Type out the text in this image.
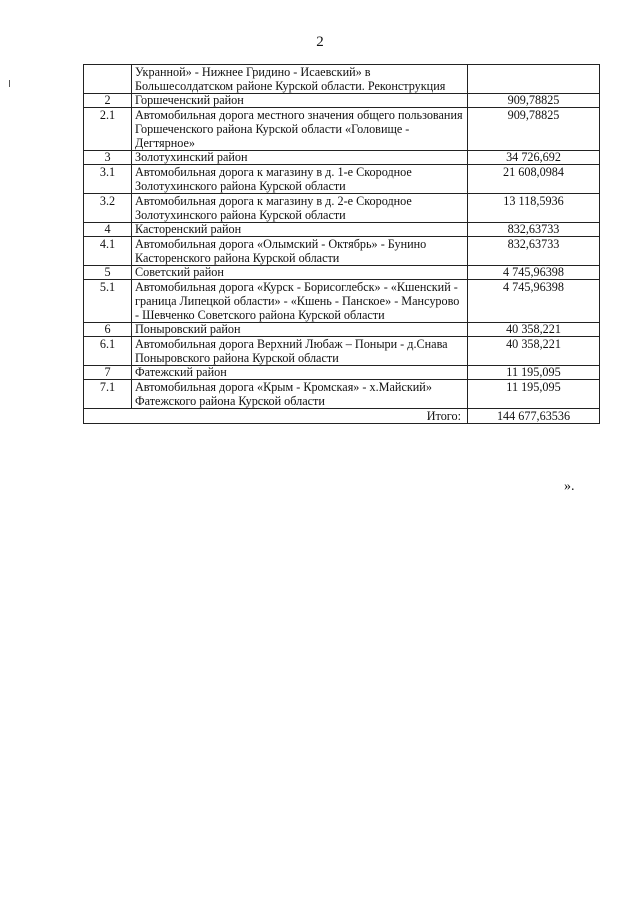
2
	Укранной» - Нижнее Гридино - Исаевский» в Большесолдатском районе Курской области. Реконструкция	
2	Горшеченский район	909,78825
2.1	Автомобильная дорога местного значения общего пользования Горшеченского района Курской области «Головище - Дегтярное»	909,78825
3	Золотухинский район	34 726,692
3.1	Автомобильная дорога к магазину в д. 1-е Скородное Золотухинского района Курской области	21 608,0984
3.2	Автомобильная дорога к магазину в д. 2-е Скородное Золотухинского района Курской области	13 118,5936
4	Касторенский район	832,63733
4.1	Автомобильная дорога «Олымский - Октябрь» - Бунино Касторенского района Курской области	832,63733
5	Советский район	4 745,96398
5.1	Автомобильная дорога «Курск - Борисоглебск» - «Кшенский - граница Липецкой области» - «Кшень - Панское» - Мансурово - Шевченко Советского района Курской области	4 745,96398
6	Поныровский район	40 358,221
6.1	Автомобильная дорога Верхний Любаж – Поныри - д.Снава Поныровского района Курской области	40 358,221
7	Фатежский район	11 195,095
7.1	Автомобильная дорога «Крым - Кромская» - х.Майский» Фатежского района Курской области	11 195,095
Итого:		144 677,63536
».
